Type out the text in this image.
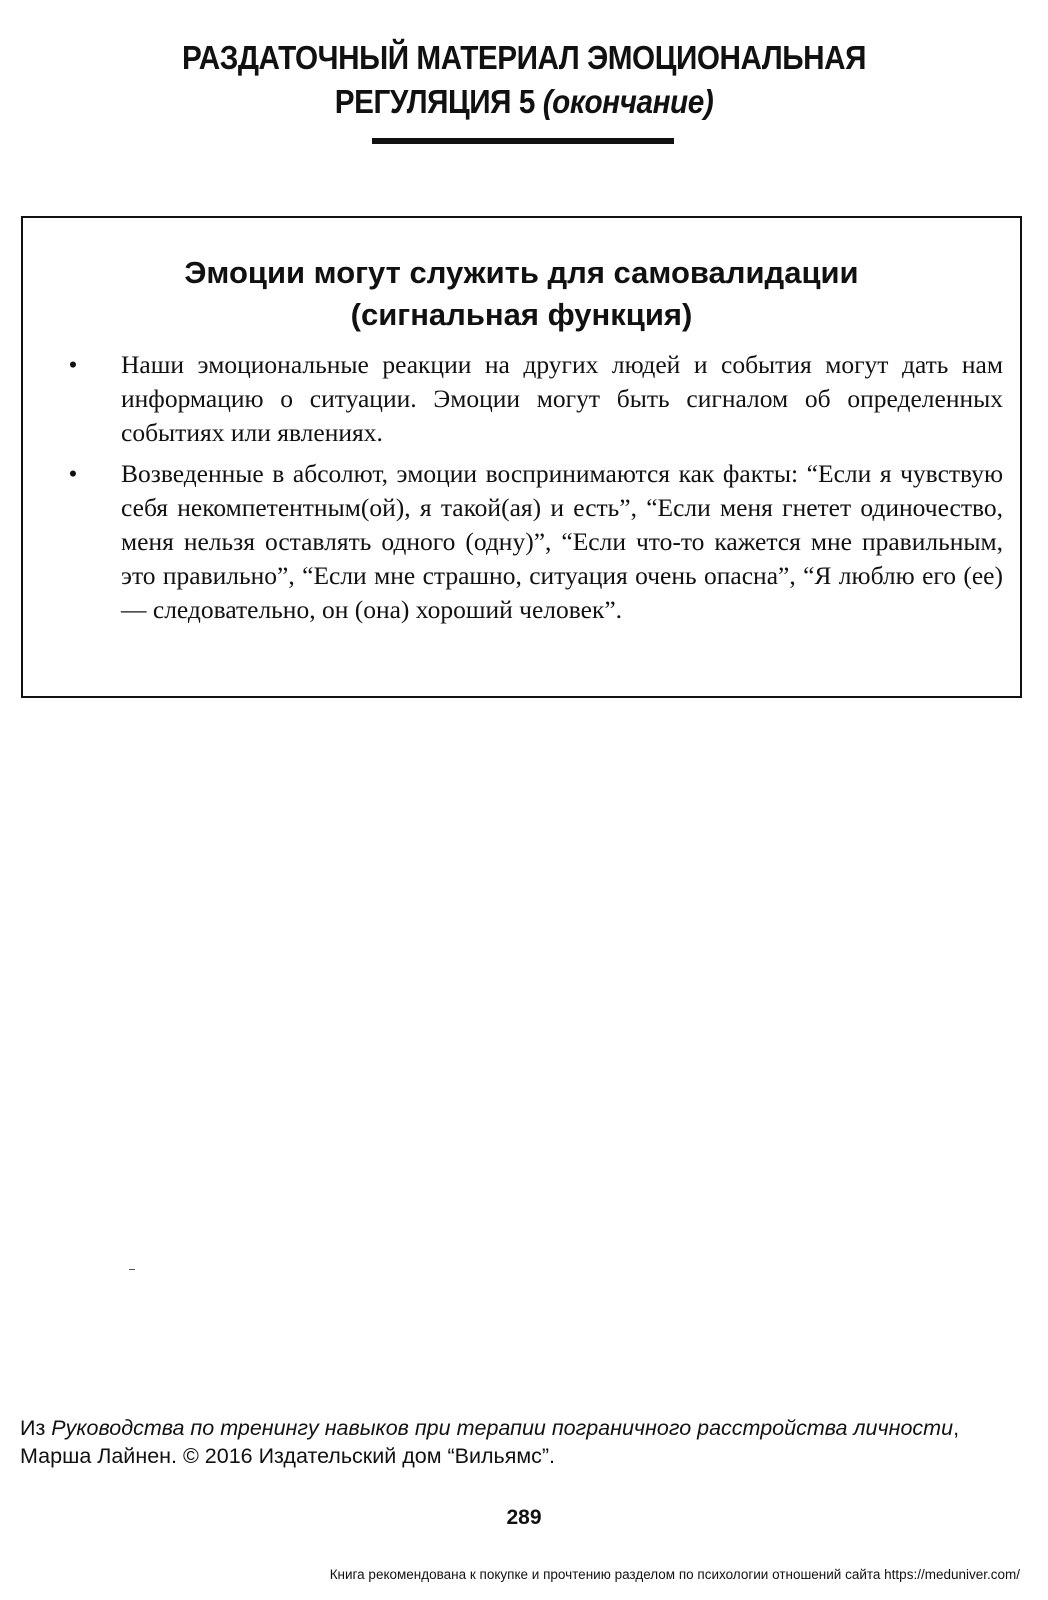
РАЗДАТОЧНЫЙ МАТЕРИАЛ ЭМОЦИОНАЛЬНАЯ
РЕГУЛЯЦИЯ 5 (окончание)
Эмоции могут служить для самовалидации
(сигнальная функция)
• Наши эмоциональные реакции на других людей и события могут дать нам информацию о ситуации. Эмоции могут быть сигналом об определенных событиях или явлениях.
• Возведенные в абсолют, эмоции воспринимаются как факты: “Если я чувствую себя некомпетентным(ой), я такой(ая) и есть”, “Если меня гнетет одиночество, меня нельзя оставлять одного (одну)”, “Если что-то кажется мне правильным, это правильно”, “Если мне страшно, ситуация очень опасна”, “Я люблю его (ее) — следовательно, он (она) хороший человек”.
Из Руководства по тренингу навыков при терапии пограничного расстройства личности,
Марша Лайнен. © 2016 Издательский дом “Вильямс”.
289
Книга рекомендована к покупке и прочтению разделом по психологии отношений сайта https://meduniver.com/
